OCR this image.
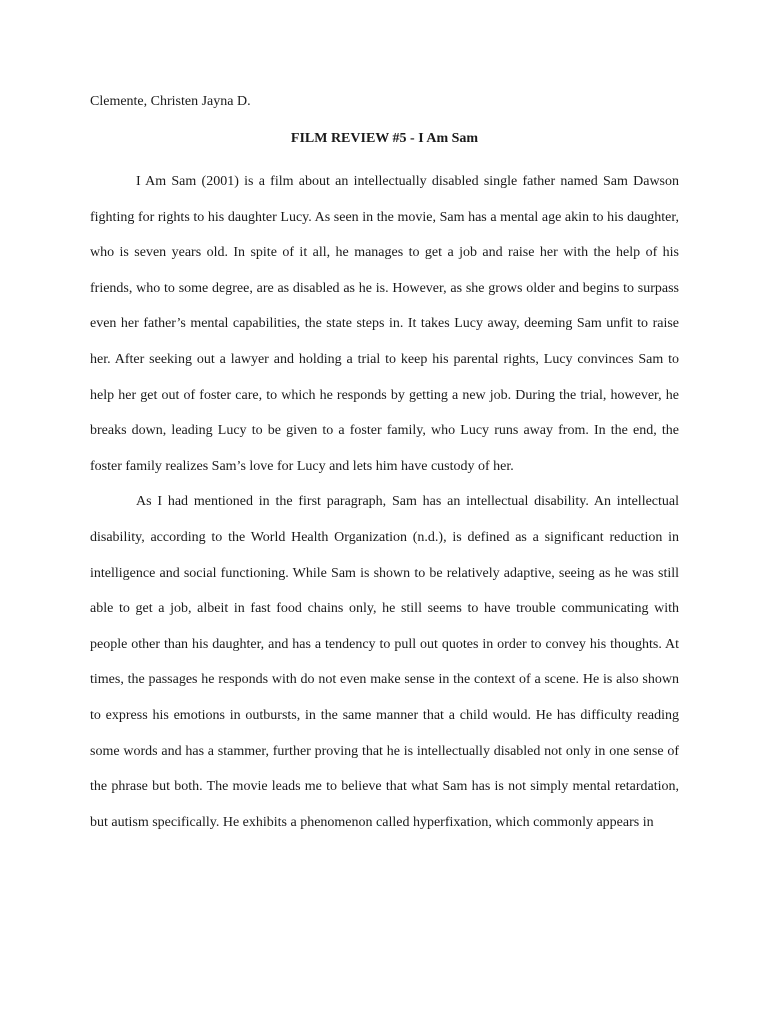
Clemente, Christen Jayna D.

FILM REVIEW #5 - I Am Sam

I Am Sam (2001) is a film about an intellectually disabled single father named Sam Dawson fighting for rights to his daughter Lucy. As seen in the movie, Sam has a mental age akin to his daughter, who is seven years old. In spite of it all, he manages to get a job and raise her with the help of his friends, who to some degree, are as disabled as he is. However, as she grows older and begins to surpass even her father’s mental capabilities, the state steps in. It takes Lucy away, deeming Sam unfit to raise her. After seeking out a lawyer and holding a trial to keep his parental rights, Lucy convinces Sam to help her get out of foster care, to which he responds by getting a new job. During the trial, however, he breaks down, leading Lucy to be given to a foster family, who Lucy runs away from. In the end, the foster family realizes Sam’s love for Lucy and lets him have custody of her.

As I had mentioned in the first paragraph, Sam has an intellectual disability. An intellectual disability, according to the World Health Organization (n.d.), is defined as a significant reduction in intelligence and social functioning. While Sam is shown to be relatively adaptive, seeing as he was still able to get a job, albeit in fast food chains only, he still seems to have trouble communicating with people other than his daughter, and has a tendency to pull out quotes in order to convey his thoughts. At times, the passages he responds with do not even make sense in the context of a scene. He is also shown to express his emotions in outbursts, in the same manner that a child would. He has difficulty reading some words and has a stammer, further proving that he is intellectually disabled not only in one sense of the phrase but both. The movie leads me to believe that what Sam has is not simply mental retardation, but autism specifically. He exhibits a phenomenon called hyperfixation, which commonly appears in
